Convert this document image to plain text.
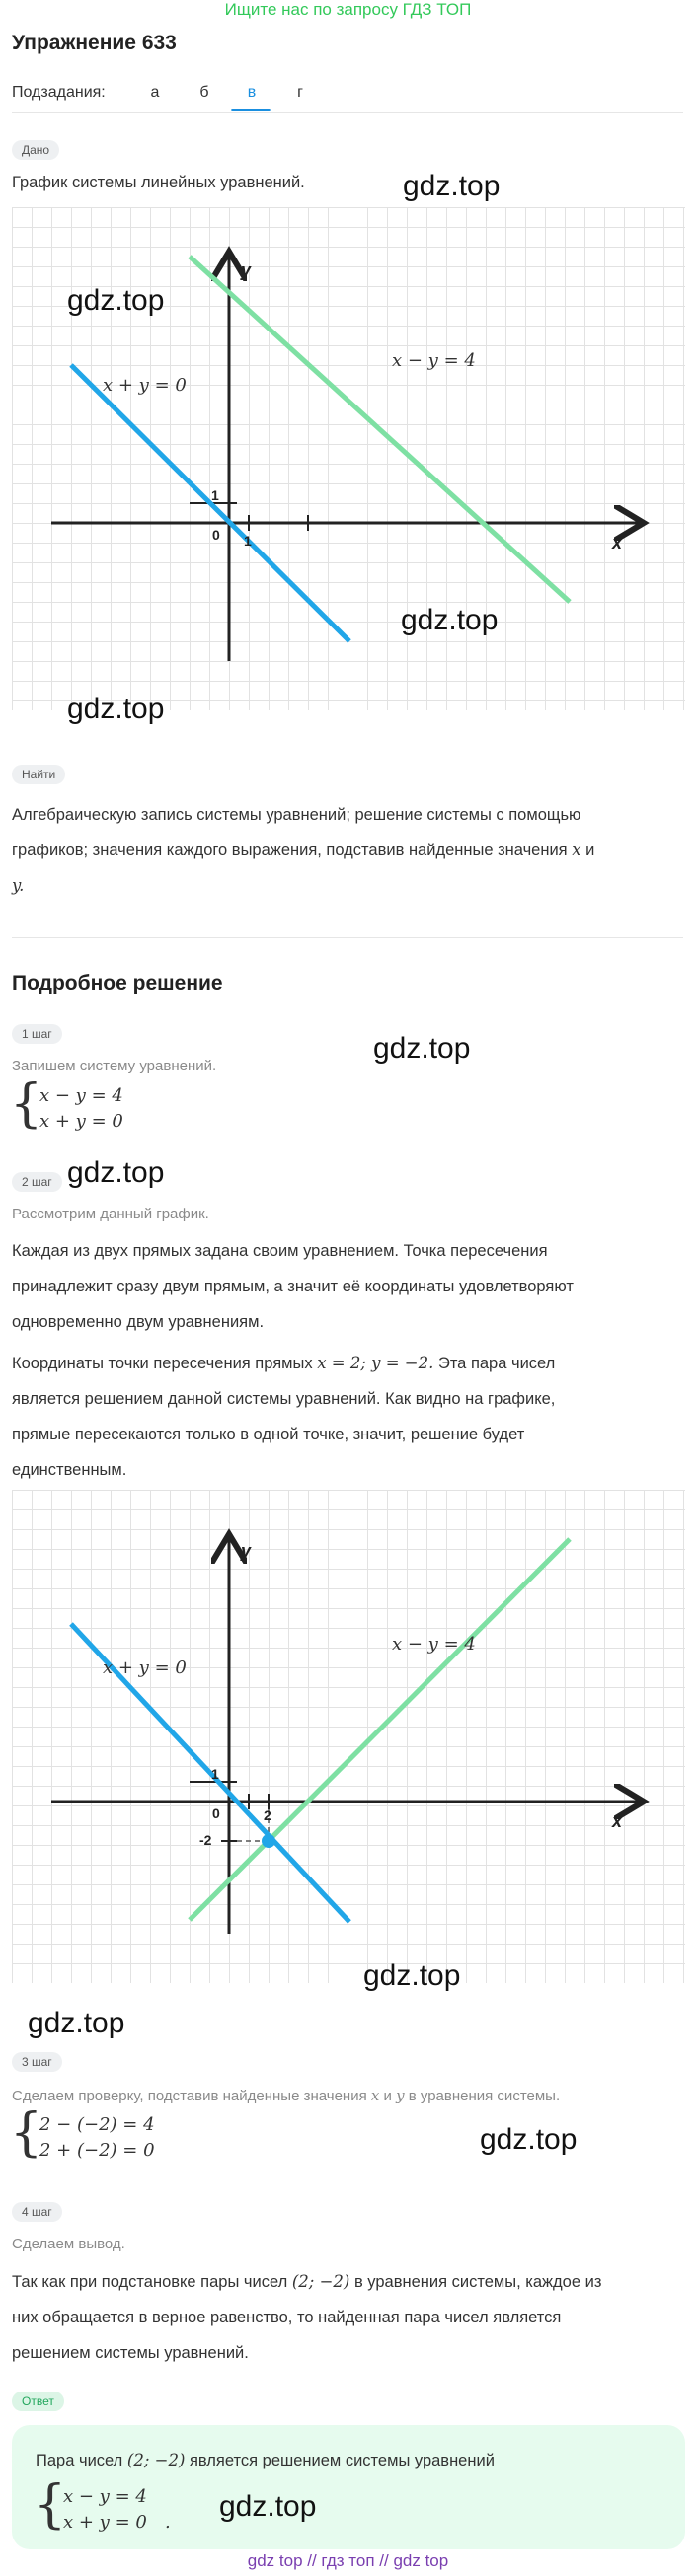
Ищите нас по запросу ГДЗ ТОП
Упражнение 633
Подзадания:	а	б	в	г
Дано
График системы линейных уравнений.	gdz.top
x + y = 0
x − y = 4
y
x
1
1
0
gdz.top
gdz.top
gdz.top
Найти
Алгебраическую запись системы уравнений; решение системы с помощью
графиков; значения каждого выражения, подставив найденные значения x и
y.
Подробное решение
1 шаг	gdz.top
Запишем систему уравнений.
{
x − y = 4
x + y = 0
2 шаг gdz.top
Рассмотрим данный график.
Каждая из двух прямых задана своим уравнением. Точка пересечения
принадлежит сразу двум прямым, а значит её координаты удовлетворяют
одновременно двум уравнениям.
Координаты точки пересечения прямых x = 2; y = −2. Эта пара чисел
является решением данной системы уравнений. Как видно на графике,
прямые пересекаются только в одной точке, значит, решение будет
единственным.
x + y = 0
x − y = 4
y
x
1
2
-2
0
gdz.top
gdz.top
3 шаг
Сделаем проверку, подставив найденные значения x и y в уравнения системы.
{
2 − (−2) = 4
2 + (−2) = 0	gdz.top
4 шаг
Сделаем вывод.
Так как при подстановке пары чисел (2; −2) в уравнения системы, каждое из
них обращается в верное равенство, то найденная пара чисел является
решением системы уравнений.
Ответ
Пара чисел (2; −2) является решением системы уравнений
{
x − y = 4
x + y = 0 . gdz.top
gdz top // гдз топ // gdz top
